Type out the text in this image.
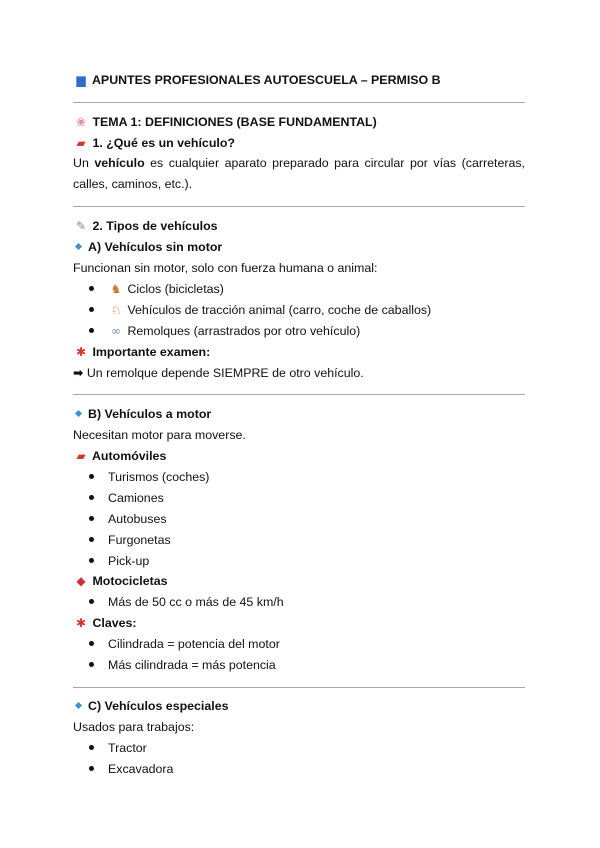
▆ APUNTES PROFESIONALES AUTOESCUELA – PERMISO B
❀ TEMA 1: DEFINICIONES (BASE FUNDAMENTAL)
▰ 1. ¿Qué es un vehículo?
Un vehículo es cualquier aparato preparado para circular por vías (carreteras, calles, caminos, etc.).
✎ 2. Tipos de vehículos
A) Vehículos sin motor
Funcionan sin motor, solo con fuerza humana o animal:
♞ Ciclos (bicicletas)
♘ Vehículos de tracción animal (carro, coche de caballos)
∞ Remolques (arrastrados por otro vehículo)
✱ Importante examen:
➡ Un remolque depende SIEMPRE de otro vehículo.
B) Vehículos a motor
Necesitan motor para moverse.
▰ Automóviles
Turismos (coches)
Camiones
Autobuses
Furgonetas
Pick-up
◆ Motocicletas
Más de 50 cc o más de 45 km/h
✱ Claves:
Cilindrada = potencia del motor
Más cilindrada = más potencia
C) Vehículos especiales
Usados para trabajos:
Tractor
Excavadora
